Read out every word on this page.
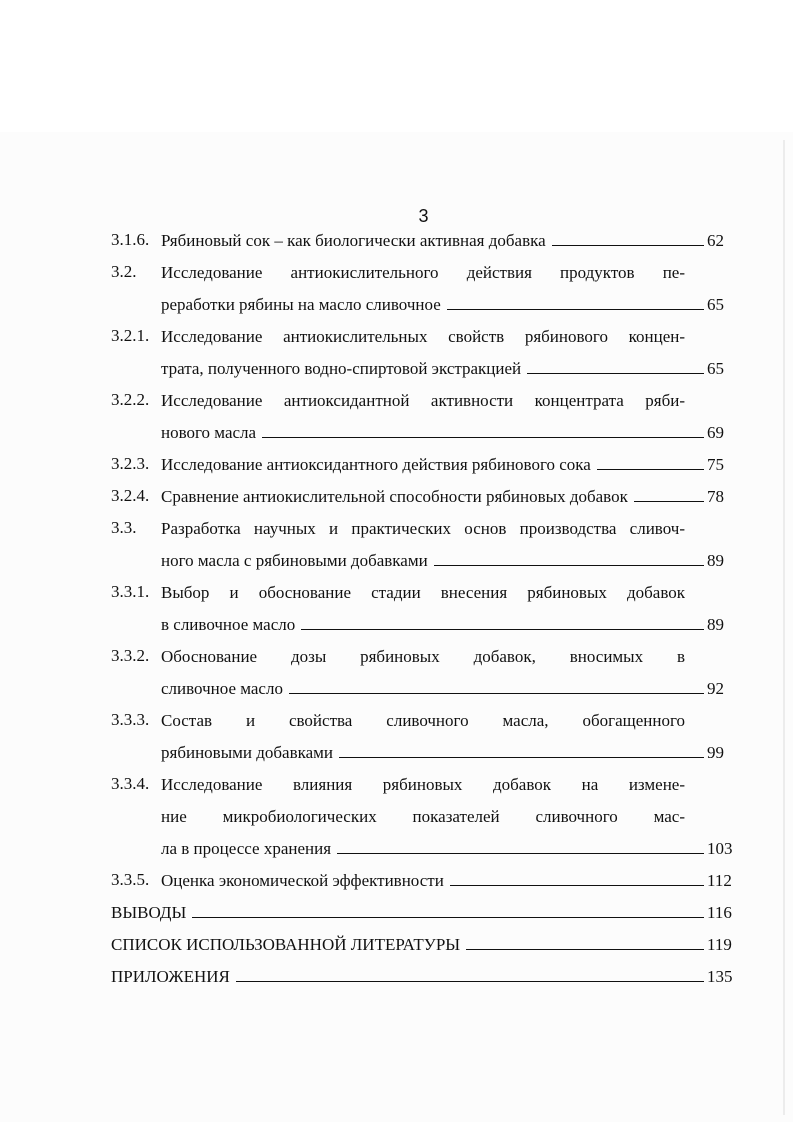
3
3.1.6. Рябиновый сок – как биологически активная добавка	62
3.2.	Исследование антиокислительного действия продуктов пе-
реработки рябины на масло сливочное	65
3.2.1. Исследование антиокислительных свойств рябинового концен-
трата, полученного водно-спиртовой экстракцией	65
3.2.2. Исследование антиоксидантной активности концентрата ряби-
нового масла	69
3.2.3. Исследование антиоксидантного действия рябинового сока	75
3.2.4. Сравнение антиокислительной способности рябиновых добавок	78
3.3.	Разработка научных и практических основ производства сливоч-
ного масла с рябиновыми добавками	89
3.3.1. Выбор и обоснование стадии внесения рябиновых добавок
в сливочное масло	89
3.3.2. Обоснование дозы рябиновых добавок, вносимых в
сливочное масло	92
3.3.3. Состав и свойства сливочного масла, обогащенного
рябиновыми добавками	99
3.3.4. Исследование влияния рябиновых добавок на измене-
ние микробиологических показателей сливочного мас-
ла в процессе хранения	103
3.3.5. Оценка экономической эффективности	112
ВЫВОДЫ	116
СПИСОК ИСПОЛЬЗОВАННОЙ ЛИТЕРАТУРЫ	119
ПРИЛОЖЕНИЯ	135
